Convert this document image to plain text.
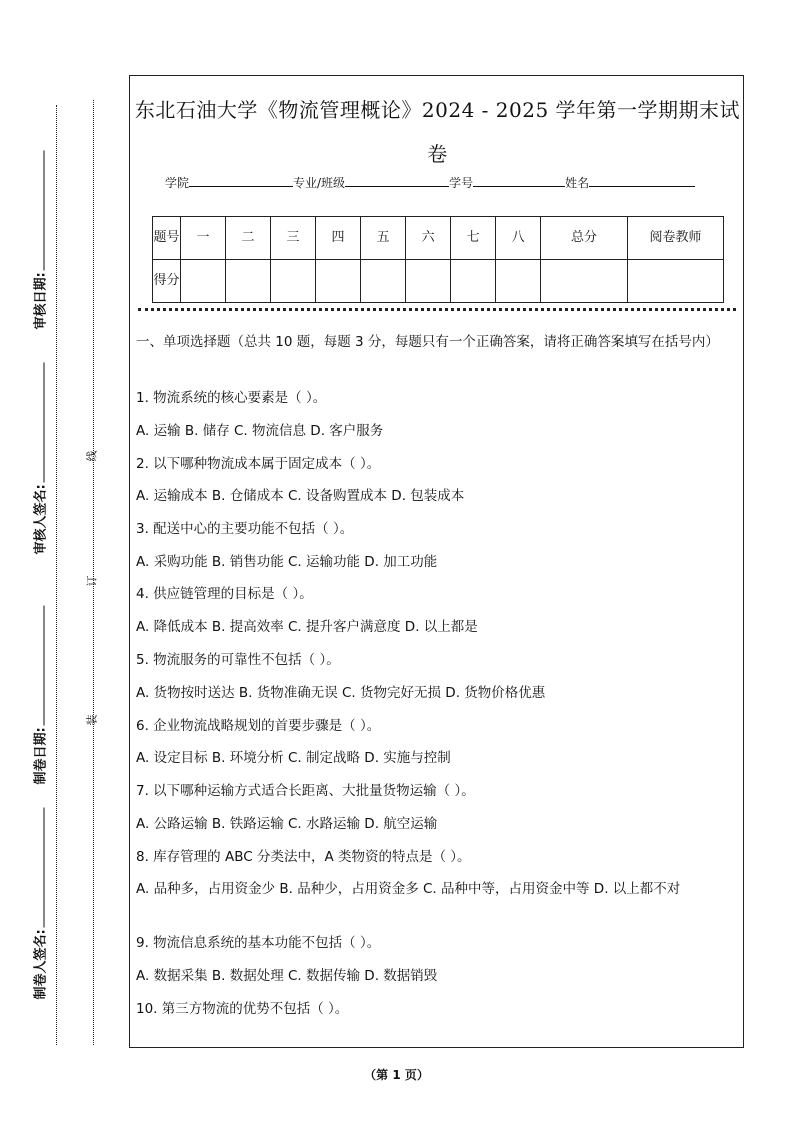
审核日期:
审核人签名:
制卷日期:
制卷人签名:
线
订
装
东北石油大学《物流管理概论》2024 - 2025 学年第一学期期末试卷
学院	专业/班级	学号	姓名
题号	一	二	三	四	五	六	七	八	总分	阅卷教师
得分										
一、单项选择题（总共 10 题，每题 3 分，每题只有一个正确答案，请将正确答案填写在括号内）
1. 物流系统的核心要素是（ ）。
A. 运输 B. 储存 C. 物流信息 D. 客户服务
2. 以下哪种物流成本属于固定成本（ ）。
A. 运输成本 B. 仓储成本 C. 设备购置成本 D. 包装成本
3. 配送中心的主要功能不包括（ ）。
A. 采购功能 B. 销售功能 C. 运输功能 D. 加工功能
4. 供应链管理的目标是（ ）。
A. 降低成本 B. 提高效率 C. 提升客户满意度 D. 以上都是
5. 物流服务的可靠性不包括（ ）。
A. 货物按时送达 B. 货物准确无误 C. 货物完好无损 D. 货物价格优惠
6. 企业物流战略规划的首要步骤是（ ）。
A. 设定目标 B. 环境分析 C. 制定战略 D. 实施与控制
7. 以下哪种运输方式适合长距离、大批量货物运输（ ）。
A. 公路运输 B. 铁路运输 C. 水路运输 D. 航空运输
8. 库存管理的 ABC 分类法中，A 类物资的特点是（ ）。
A. 品种多，占用资金少 B. 品种少，占用资金多 C. 品种中等，占用资金中等 D. 以上都不对
9. 物流信息系统的基本功能不包括（ ）。
A. 数据采集 B. 数据处理 C. 数据传输 D. 数据销毁
10. 第三方物流的优势不包括（ ）。
（第 1 页）
